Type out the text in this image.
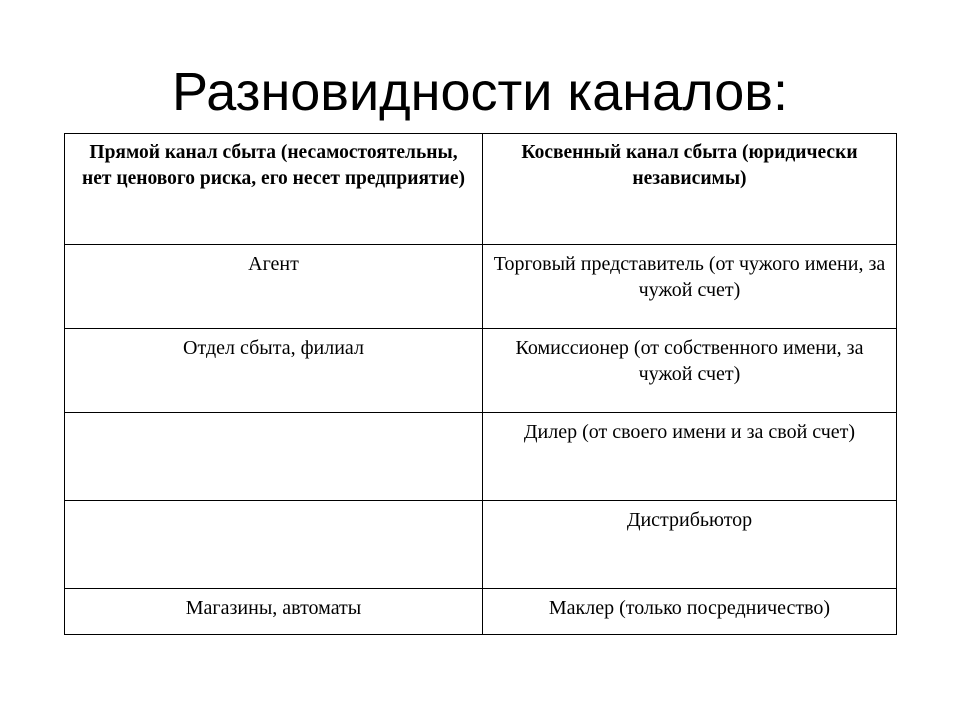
Разновидности каналов:
Прямой канал сбыта (несамостоятельны, нет ценового риска, его несет предприятие)	Косвенный канал сбыта (юридически независимы)
Агент	Торговый представитель (от чужого имени, за чужой счет)
Отдел сбыта, филиал	Комиссионер (от собственного имени, за чужой счет)
	Дилер (от своего имени и за свой счет)
	Дистрибьютор
Магазины, автоматы	Маклер (только посредничество)
